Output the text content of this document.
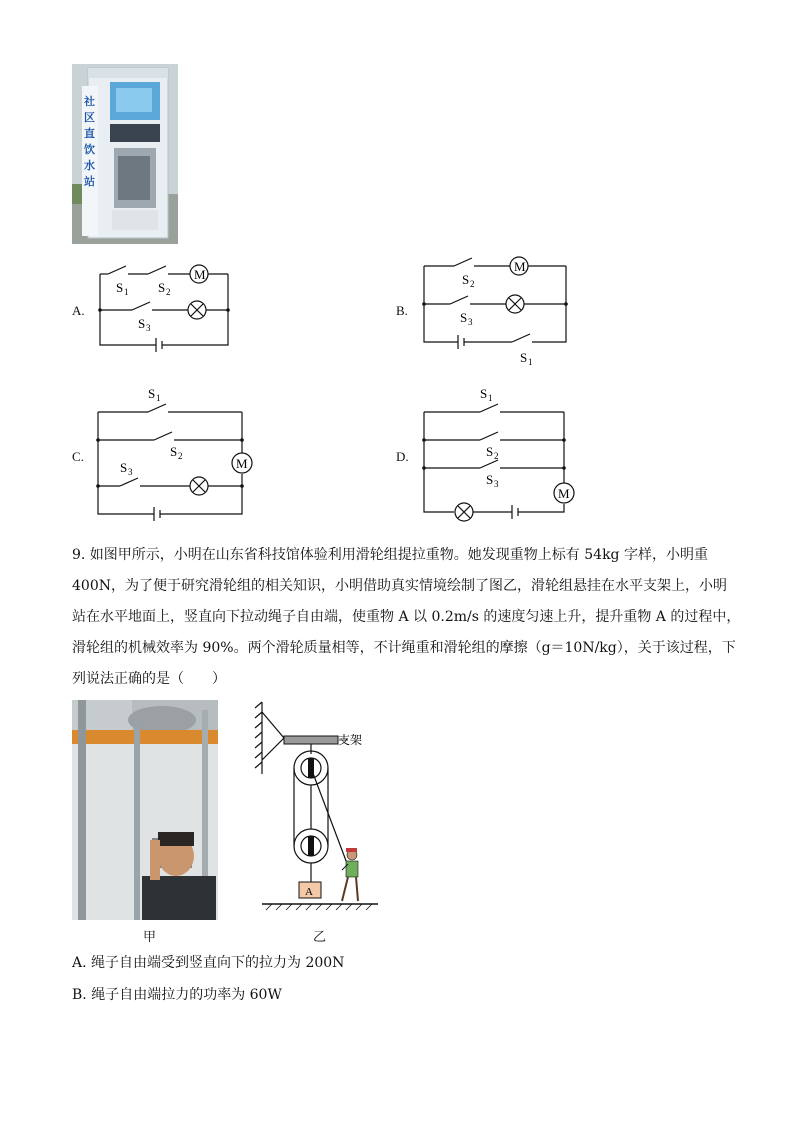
社区直饮水站
A.
M
S 1 S 2
S 3
B.
M
S 2
S 3
S 1
C.	M
S 1
S 2
S 3
D.
M
S 1
S 2
S 3
9. 如图甲所示，小明在山东省科技馆体验利用滑轮组提拉重物。她发现重物上标有 54kg 字样，小明重
400N，为了便于研究滑轮组的相关知识，小明借助真实情境绘制了图乙，滑轮组悬挂在水平支架上，小明
站在水平地面上，竖直向下拉动绳子自由端，使重物 A 以 0.2m/s 的速度匀速上升，提升重物 A 的过程中，
滑轮组的机械效率为 90%。两个滑轮质量相等，不计绳重和滑轮组的摩擦（g＝10N/kg），关于该过程，下
列说法正确的是（　　）
甲
支架
A
乙
A. 绳子自由端受到竖直向下的拉力为 200N
B. 绳子自由端拉力的功率为 60W
